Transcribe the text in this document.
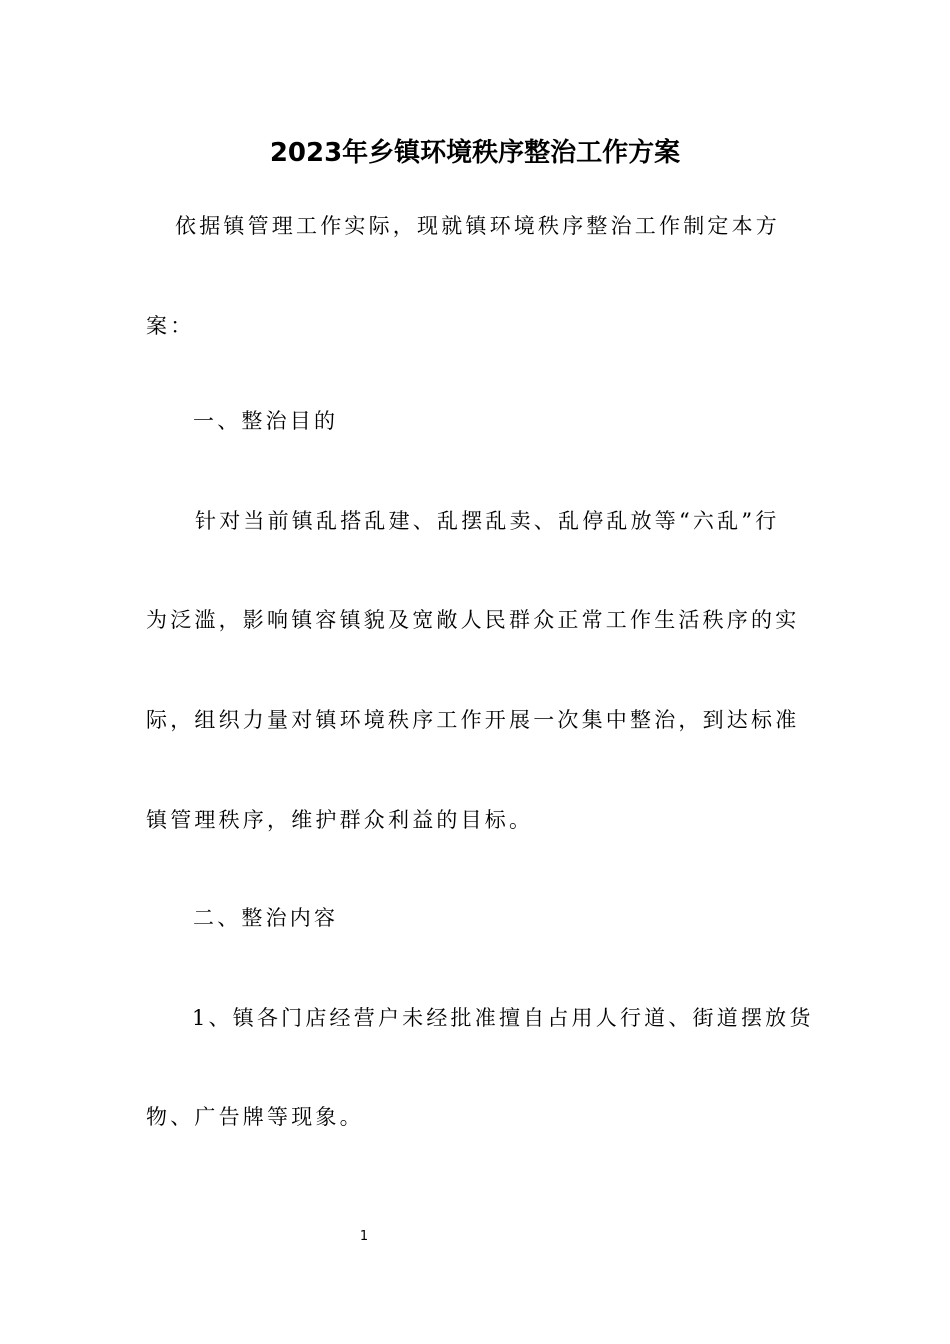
2023年乡镇环境秩序整治工作方案
依据镇管理工作实际，现就镇环境秩序整治工作制定本方
案：
一、整治目的
针对当前镇乱搭乱建、乱摆乱卖、乱停乱放等“六乱”行
为泛滥，影响镇容镇貌及宽敞人民群众正常工作生活秩序的实
际，组织力量对镇环境秩序工作开展一次集中整治，到达标准
镇管理秩序，维护群众利益的目标。
二、整治内容
1、镇各门店经营户未经批准擅自占用人行道、街道摆放货
物、广告牌等现象。
1
